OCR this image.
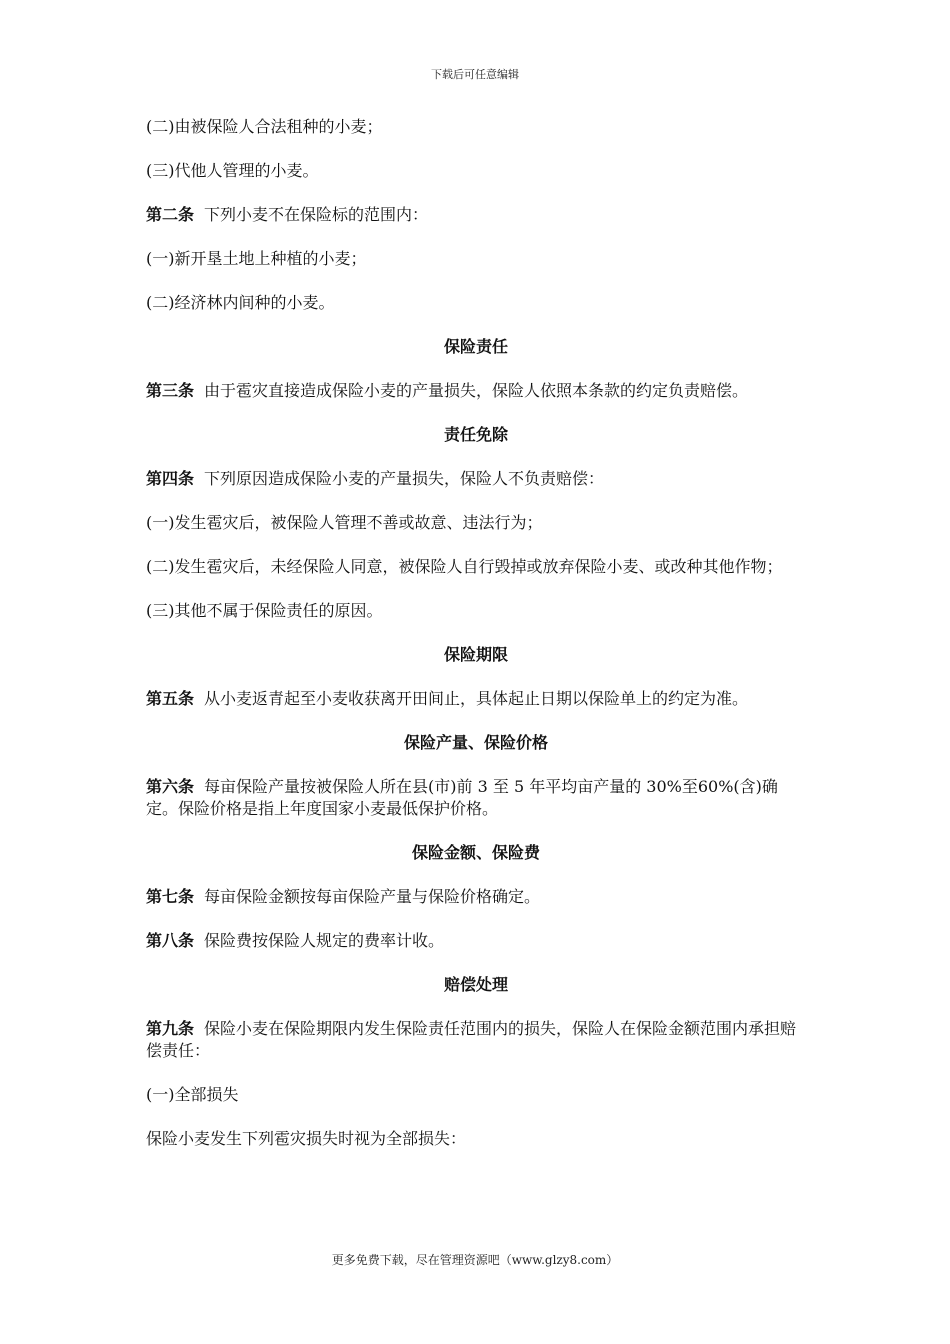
下载后可任意编辑

(二)由被保险人合法租种的小麦；

(三)代他人管理的小麦。

第二条 下列小麦不在保险标的范围内：

(一)新开垦土地上种植的小麦；

(二)经济林内间种的小麦。

保险责任

第三条 由于雹灾直接造成保险小麦的产量损失，保险人依照本条款的约定负责赔偿。

责任免除

第四条 下列原因造成保险小麦的产量损失，保险人不负责赔偿：

(一)发生雹灾后，被保险人管理不善或故意、违法行为；

(二)发生雹灾后，未经保险人同意，被保险人自行毁掉或放弃保险小麦、或改种其他作物；

(三)其他不属于保险责任的原因。

保险期限

第五条 从小麦返青起至小麦收获离开田间止，具体起止日期以保险单上的约定为准。

保险产量、保险价格

第六条 每亩保险产量按被保险人所在县(市)前 3 至 5 年平均亩产量的 30%至60%(含)确定。保险价格是指上年度国家小麦最低保护价格。

保险金额、保险费

第七条 每亩保险金额按每亩保险产量与保险价格确定。

第八条 保险费按保险人规定的费率计收。

赔偿处理

第九条 保险小麦在保险期限内发生保险责任范围内的损失，保险人在保险金额范围内承担赔偿责任：

(一)全部损失

保险小麦发生下列雹灾损失时视为全部损失：

更多免费下载，尽在管理资源吧（www.glzy8.com）
